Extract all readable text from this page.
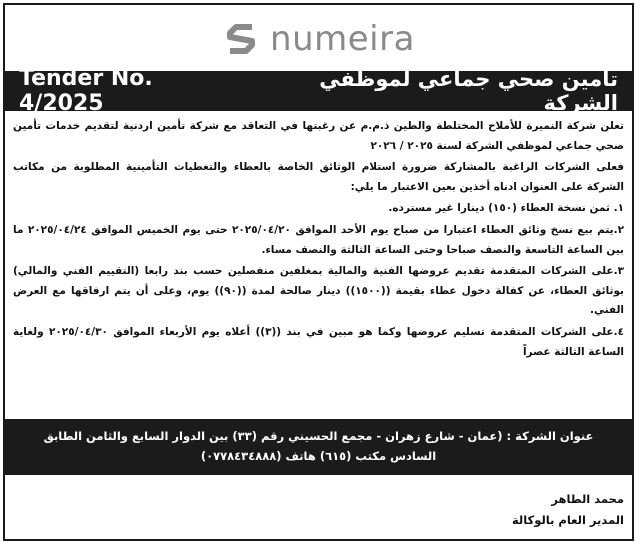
numeira
Tender No. 4/2025
تأمين صحي جماعي لموظفي الشركة

تعلن شركة النميرة للأملاح المختلطة والطين ذ.م.م عن رغبتها في التعاقد مع شركة تأمين اردنية لتقديم خدمات تأمين صحي جماعي لموظفي الشركة لسنة ٢٠٢٥ / ٢٠٢٦

فعلى الشركات الراغبة بالمشاركة ضرورة استلام الوثائق الخاصة بالعطاء والتغطيات التأمينية المطلوبة من مكاتب الشركة على العنوان ادناه أخذين بعين الاعتبار ما يلي:

١. ثمن نسخة العطاء (١٥٠) دينارا غير مسترده.

٢.يتم بيع نسخ وثائق العطاء اعتبارا من صباح يوم الأحد الموافق ٢٠٢٥/٠٤/٢٠ حتى يوم الخميس الموافق ٢٠٢٥/٠٤/٢٤ ما بين الساعة التاسعة والنصف صباحا وحتى الساعة الثالثة والنصف مساء.

٣.على الشركات المتقدمة تقديم عروضها الفنية والمالية بمغلفين منفصلين حسب بند رابعا (التقييم الفني والمالي) بوثائق العطاء، عن كفالة دخول عطاء بقيمة ((١٥٠٠)) دينار صالحة لمدة ((٩٠)) يوم، وعلى أن يتم ارفاقها مع العرض الفني.

٤.على الشركات المتقدمة تسليم عروضها وكما هو مبين في بند ((٣)) أعلاه يوم الأربعاء الموافق ٢٠٢٥/٠٤/٣٠ ولغاية الساعة الثالثة عصراً

عنوان الشركة : (عمان - شارع زهران - مجمع الحسيني رقم (٣٣) بين الدوار السابع والثامن الطابق
السادس مكتب (٦١٥) هاتف (٠٧٧٨٤٣٤٨٨٨)
محمد الطاهر
المدير العام بالوكالة
